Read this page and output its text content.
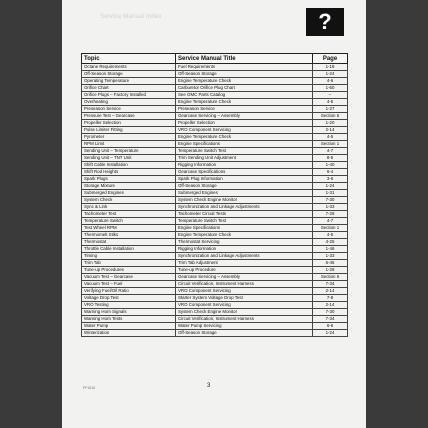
Service Manual Index	?
Topic	Service Manual Title	Page
Octane Requirements	Fuel Requirements	1-18
Off-Season Storage	Off-Season Storage	1-24
Operating Temperature	Engine Temperature Check	4-6
Orifice Chart	Carburetor Orifice Plug Chart	1-60
Orifice Plugs – Factory Installed	See OMC Parts Catalog	–
Overheating	Engine Temperature Check	4-5
Preseason Service	Preseason Service	1-27
Pressure Test – Gearcase	Gearcase Servicing – Assembly	Section 6
Propeller Selection	Propeller Selection	1-20
Pulse Limiter Fitting	VRO Component Servicing	2-14
Pyrometer	Engine Temperature Check	4-5
RPM Limit	Engine Specifications	Section 1
Sending Unit – Temperature	Temperature Switch Test	4-7
Sending Unit – TNT Unit	Trim Sending Unit Adjustment	8-5
Shift Cable Installation	Rigging Information	1-40
Shift Rod Heights	Gearcase Specifications	6-4
Spark Plugs	Spark Plug Information	3-6
Storage Mixture	Off-Season Storage	1-24
Submerged Engines	Submerged Engines	1-31
System Check	System Check Engine Monitor	7-30
Sync & Link	Synchronization and Linkage Adjustments	1-33
Tachometer Test	Tachometer Circuit Tests	7-28
Temperature Switch	Temperature Switch Test	4-7
Test Wheel RPM	Engine Specifications	Section 1
Thermomelt Stiks	Engine Temperature Check	4-5
Thermostat	Thermostat Servicing	4-25
Throttle Cable Installation	Rigging Information	1-46
Timing	Synchronization and Linkage Adjustments	1-33
Trim Tab	Trim Tab Adjustment	6-46
Tune-up Procedures	Tune-up Procedure	1-28
Vacuum Test – Gearcase	Gearcase Servicing – Assembly	Section 6
Vacuum Test – Fuel	Circuit Verification, Instrument Harness	7-34
Verifying Fuel/Oil Ratio	VRO Component Servicing	2-14
Voltage Drop Test	Starter System Voltage Drop Test	7-8
VRO Testing	VRO Component Servicing	2-14
Warning Horn Signals	System Check Engine Monitor	7-30
Warning Horn Tests	Circuit Verification, Instrument Harness	7-34
Water Pump	Water Pump Servicing	6-6
Winterization	Off-Season Storage	1-24
PF1816	3
